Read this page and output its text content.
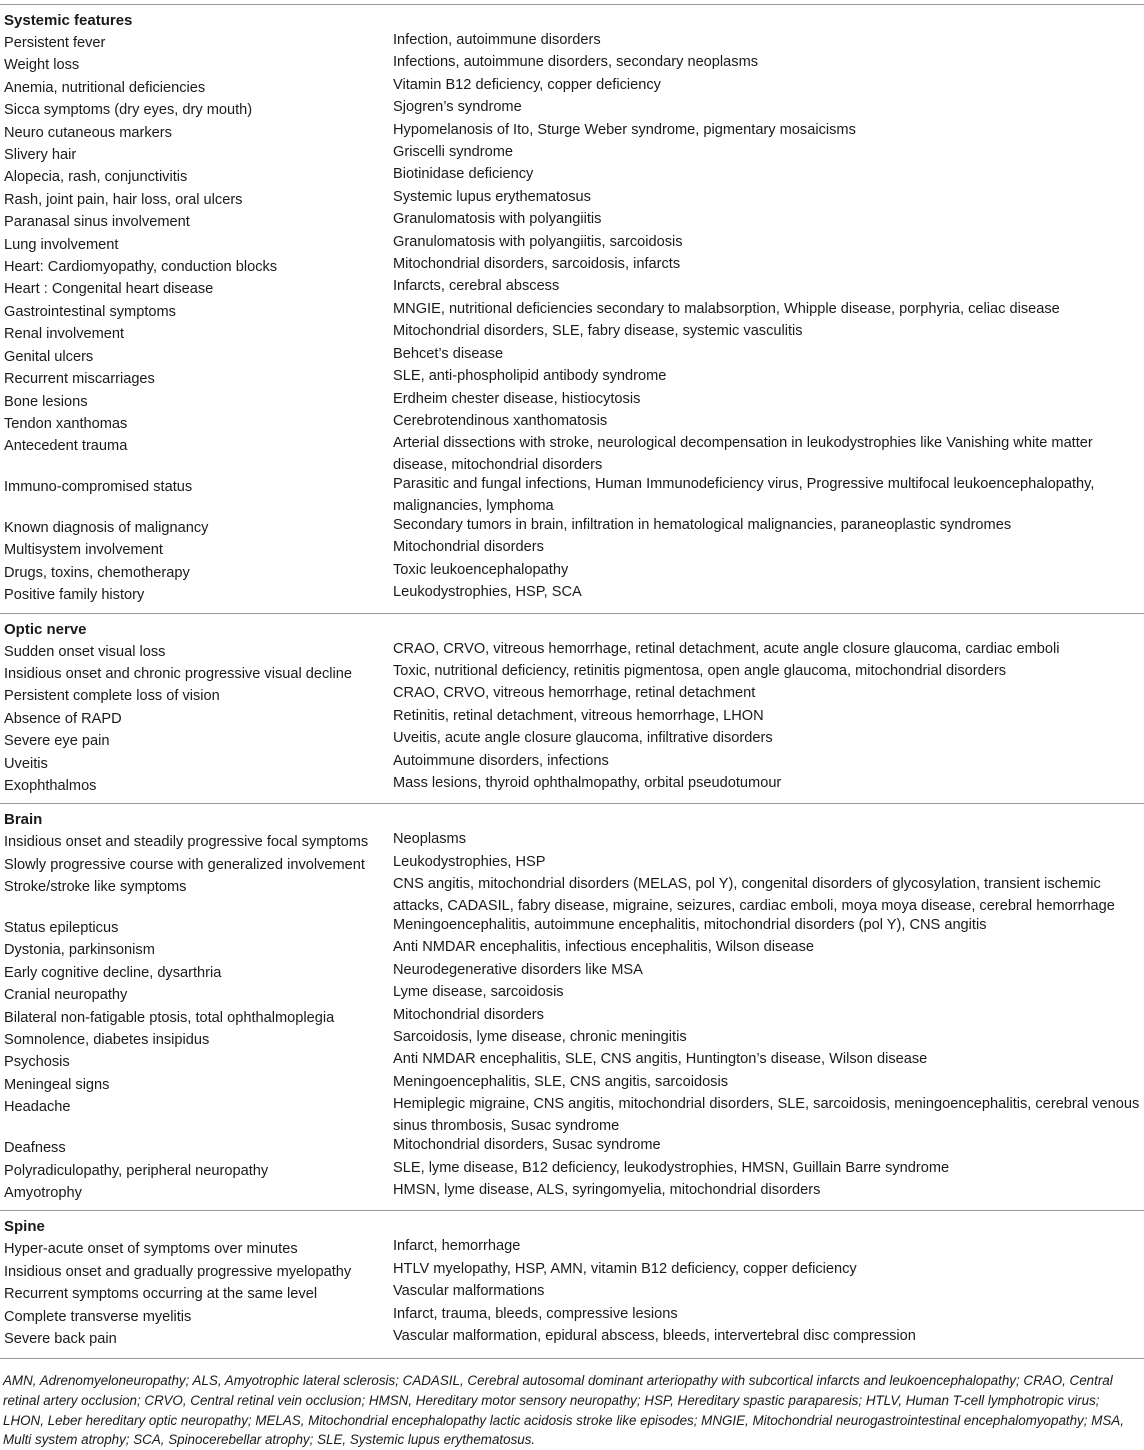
Systemic features
Persistent fever	Infection, autoimmune disorders
Weight loss	Infections, autoimmune disorders, secondary neoplasms
Anemia, nutritional deficiencies	Vitamin B12 deficiency, copper deficiency
Sicca symptoms (dry eyes, dry mouth)	Sjogren’s syndrome
Neuro cutaneous markers	Hypomelanosis of Ito, Sturge Weber syndrome, pigmentary mosaicisms
Slivery hair	Griscelli syndrome
Alopecia, rash, conjunctivitis	Biotinidase deficiency
Rash, joint pain, hair loss, oral ulcers	Systemic lupus erythematosus
Paranasal sinus involvement	Granulomatosis with polyangiitis
Lung involvement	Granulomatosis with polyangiitis, sarcoidosis
Heart: Cardiomyopathy, conduction blocks	Mitochondrial disorders, sarcoidosis, infarcts
Heart : Congenital heart disease	Infarcts, cerebral abscess
Gastrointestinal symptoms	MNGIE, nutritional deficiencies secondary to malabsorption, Whipple disease, porphyria, celiac disease
Renal involvement	Mitochondrial disorders, SLE, fabry disease, systemic vasculitis
Genital ulcers	Behcet’s disease
Recurrent miscarriages	SLE, anti-phospholipid antibody syndrome
Bone lesions	Erdheim chester disease, histiocytosis
Tendon xanthomas	Cerebrotendinous xanthomatosis
Antecedent trauma	Arterial dissections with stroke, neurological decompensation in leukodystrophies like Vanishing white matter disease, mitochondrial disorders
Immuno-compromised status	Parasitic and fungal infections, Human Immunodeficiency virus, Progressive multifocal leukoencephalopathy, malignancies, lymphoma
Known diagnosis of malignancy	Secondary tumors in brain, infiltration in hematological malignancies, paraneoplastic syndromes
Multisystem involvement	Mitochondrial disorders
Drugs, toxins, chemotherapy	Toxic leukoencephalopathy
Positive family history	Leukodystrophies, HSP, SCA
Optic nerve
Sudden onset visual loss	CRAO, CRVO, vitreous hemorrhage, retinal detachment, acute angle closure glaucoma, cardiac emboli
Insidious onset and chronic progressive visual decline	Toxic, nutritional deficiency, retinitis pigmentosa, open angle glaucoma, mitochondrial disorders
Persistent complete loss of vision	CRAO, CRVO, vitreous hemorrhage, retinal detachment
Absence of RAPD	Retinitis, retinal detachment, vitreous hemorrhage, LHON
Severe eye pain	Uveitis, acute angle closure glaucoma, infiltrative disorders
Uveitis	Autoimmune disorders, infections
Exophthalmos	Mass lesions, thyroid ophthalmopathy, orbital pseudotumour
Brain
Insidious onset and steadily progressive focal symptoms	Neoplasms
Slowly progressive course with generalized involvement	Leukodystrophies, HSP
Stroke/stroke like symptoms	CNS angitis, mitochondrial disorders (MELAS, pol Y), congenital disorders of glycosylation, transient ischemic attacks, CADASIL, fabry disease, migraine, seizures, cardiac emboli, moya moya disease, cerebral hemorrhage
Status epilepticus	Meningoencephalitis, autoimmune encephalitis, mitochondrial disorders (pol Y), CNS angitis
Dystonia, parkinsonism	Anti NMDAR encephalitis, infectious encephalitis, Wilson disease
Early cognitive decline, dysarthria	Neurodegenerative disorders like MSA
Cranial neuropathy	Lyme disease, sarcoidosis
Bilateral non-fatigable ptosis, total ophthalmoplegia	Mitochondrial disorders
Somnolence, diabetes insipidus	Sarcoidosis, lyme disease, chronic meningitis
Psychosis	Anti NMDAR encephalitis, SLE, CNS angitis, Huntington’s disease, Wilson disease
Meningeal signs	Meningoencephalitis, SLE, CNS angitis, sarcoidosis
Headache	Hemiplegic migraine, CNS angitis, mitochondrial disorders, SLE, sarcoidosis, meningoencephalitis, cerebral venous sinus thrombosis, Susac syndrome
Deafness	Mitochondrial disorders, Susac syndrome
Polyradiculopathy, peripheral neuropathy	SLE, lyme disease, B12 deficiency, leukodystrophies, HMSN, Guillain Barre syndrome
Amyotrophy	HMSN, lyme disease, ALS, syringomyelia, mitochondrial disorders
Spine
Hyper-acute onset of symptoms over minutes	Infarct, hemorrhage
Insidious onset and gradually progressive myelopathy	HTLV myelopathy, HSP, AMN, vitamin B12 deficiency, copper deficiency
Recurrent symptoms occurring at the same level	Vascular malformations
Complete transverse myelitis	Infarct, trauma, bleeds, compressive lesions
Severe back pain	Vascular malformation, epidural abscess, bleeds, intervertebral disc compression
AMN, Adrenomyeloneuropathy; ALS, Amyotrophic lateral sclerosis; CADASIL, Cerebral autosomal dominant arteriopathy with subcortical infarcts and leukoencephalopathy; CRAO, Central retinal artery occlusion; CRVO, Central retinal vein occlusion; HMSN, Hereditary motor sensory neuropathy; HSP, Hereditary spastic paraparesis; HTLV, Human T-cell lymphotropic virus; LHON, Leber hereditary optic neuropathy; MELAS, Mitochondrial encephalopathy lactic acidosis stroke like episodes; MNGIE, Mitochondrial neurogastrointestinal encephalomyopathy; MSA, Multi system atrophy; SCA, Spinocerebellar atrophy; SLE, Systemic lupus erythematosus.
